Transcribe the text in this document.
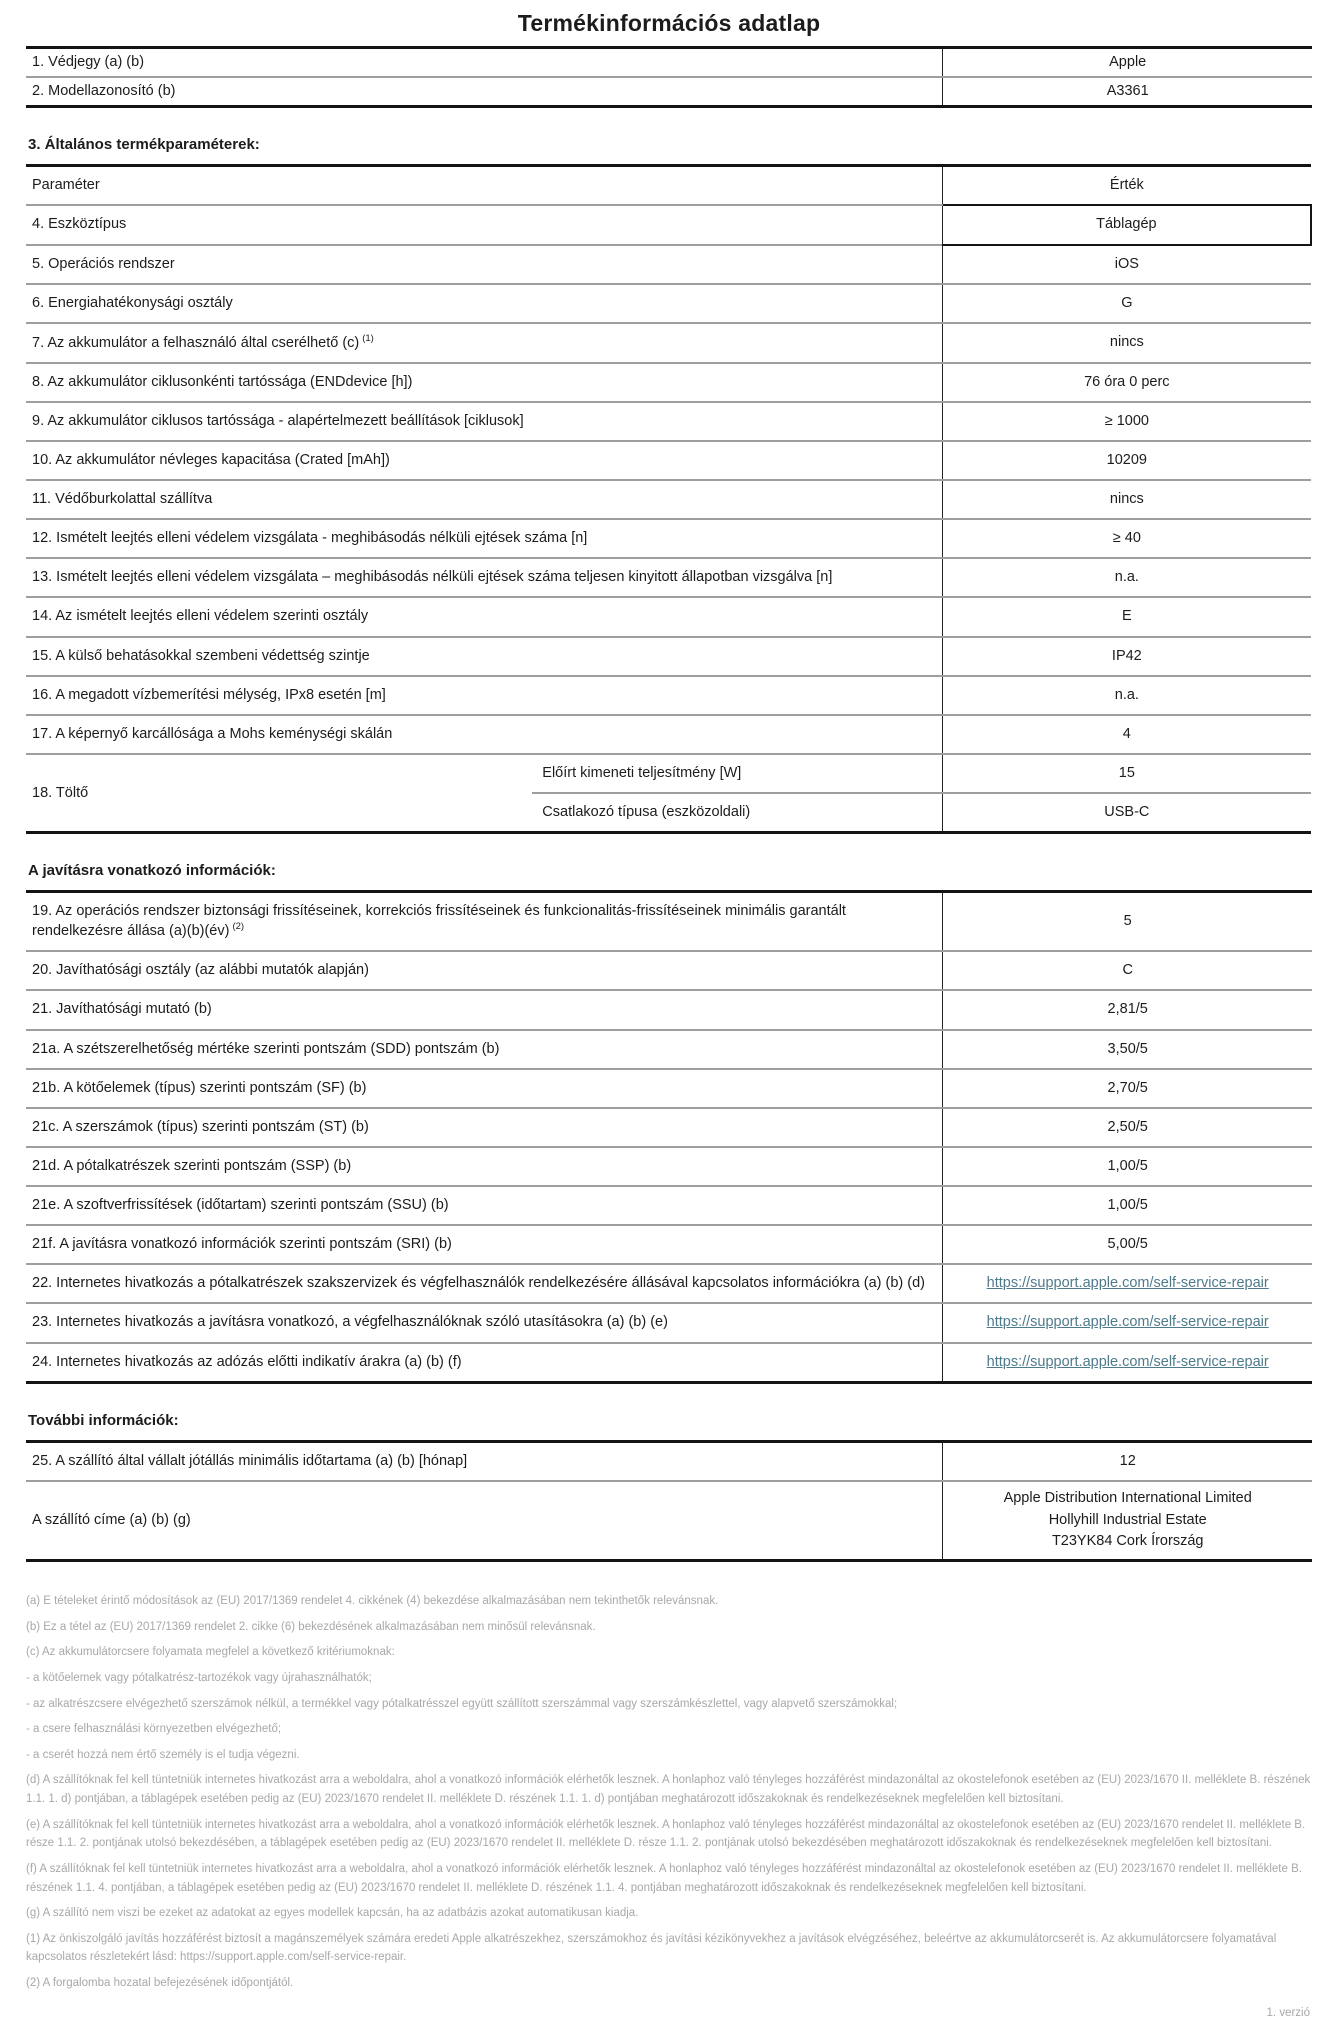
Termékinformációs adatlap
1. Védjegy (a) (b)	Apple
2. Modellazonosító (b)	A3361
3. Általános termékparaméterek:
Paraméter		Érték
4. Eszköztípus		Táblagép
5. Operációs rendszer		iOS
6. Energiahatékonysági osztály		G
7. Az akkumulátor a felhasználó által cserélhető (c) $^{(1)}$		nincs
8. Az akkumulátor ciklusonkénti tartóssága (ENDdevice [h])		76 óra 0 perc
9. Az akkumulátor ciklusos tartóssága - alapértelmezett beállítások [ciklusok]		≥ 1000
10. Az akkumulátor névleges kapacitása (Crated [mAh])		10209
11. Védőburkolattal szállítva		nincs
12. Ismételt leejtés elleni védelem vizsgálata - meghibásodás nélküli ejtések száma [n]		≥ 40
13. Ismételt leejtés elleni védelem vizsgálata – meghibásodás nélküli ejtések száma teljesen kinyitott állapotban vizsgálva [n]		n.a.
14. Az ismételt leejtés elleni védelem szerinti osztály		E
15. A külső behatásokkal szembeni védettség szintje		IP42
16. A megadott vízbemerítési mélység, IPx8 esetén [m]		n.a.
17. A képernyő karcállósága a Mohs keménységi skálán		4
18. Töltő	Előírt kimeneti teljesítmény [W]	15
	Csatlakozó típusa (eszközoldali)	USB-C
A javításra vonatkozó információk:
19. Az operációs rendszer biztonsági frissítéseinek, korrekciós frissítéseinek és funkcionalitás-frissítéseinek minimális garantált rendelkezésre állása (a)(b)(év) $^{(2)}$	5
20. Javíthatósági osztály (az alábbi mutatók alapján)	C
21. Javíthatósági mutató (b)	2,81/5
21a. A szétszerelhetőség mértéke szerinti pontszám (SDD) pontszám (b)	3,50/5
21b. A kötőelemek (típus) szerinti pontszám (SF) (b)	2,70/5
21c. A szerszámok (típus) szerinti pontszám (ST) (b)	2,50/5
21d. A pótalkatrészek szerinti pontszám (SSP) (b)	1,00/5
21e. A szoftverfrissítések (időtartam) szerinti pontszám (SSU) (b)	1,00/5
21f. A javításra vonatkozó információk szerinti pontszám (SRI) (b)	5,00/5
22. Internetes hivatkozás a pótalkatrészek szakszervizek és végfelhasználók rendelkezésére állásával kapcsolatos információkra (a) (b) (d)	https://support.apple.com/self-service-repair
23. Internetes hivatkozás a javításra vonatkozó, a végfelhasználóknak szóló utasításokra (a) (b) (e)	https://support.apple.com/self-service-repair
24. Internetes hivatkozás az adózás előtti indikatív árakra (a) (b) (f)	https://support.apple.com/self-service-repair
További információk:
25. A szállító által vállalt jótállás minimális időtartama (a) (b) [hónap]	12
A szállító címe (a) (b) (g)	Apple Distribution International Limited
Hollyhill Industrial Estate
T23YK84 Cork Írország

(a) E tételeket érintő módosítások az (EU) 2017/1369 rendelet 4. cikkének (4) bekezdése alkalmazásában nem tekinthetők relevánsnak.

(b) Ez a tétel az (EU) 2017/1369 rendelet 2. cikke (6) bekezdésének alkalmazásában nem minősül relevánsnak.

(c) Az akkumulátorcsere folyamata megfelel a következő kritériumoknak:

- a kötőelemek vagy pótalkatrész-tartozékok vagy újrahasználhatók;

- az alkatrészcsere elvégezhető szerszámok nélkül, a termékkel vagy pótalkatrésszel együtt szállított szerszámmal vagy szerszámkészlettel, vagy alapvető szerszámokkal;

- a csere felhasználási környezetben elvégezhető;

- a cserét hozzá nem értő személy is el tudja végezni.

(d) A szállítóknak fel kell tüntetniük internetes hivatkozást arra a weboldalra, ahol a vonatkozó információk elérhetők lesznek. A honlaphoz való tényleges hozzáférést mindazonáltal az okostelefonok esetében az (EU) 2023/1670 II. melléklete B. részének 1.1. 1. d) pontjában, a táblagépek esetében pedig az (EU) 2023/1670 rendelet II. melléklete D. részének 1.1. 1. d) pontjában meghatározott időszakoknak és rendelkezéseknek megfelelően kell biztosítani.

(e) A szállítóknak fel kell tüntetniük internetes hivatkozást arra a weboldalra, ahol a vonatkozó információk elérhetők lesznek. A honlaphoz való tényleges hozzáférést mindazonáltal az okostelefonok esetében az (EU) 2023/1670 rendelet II. melléklete B. része 1.1. 2. pontjának utolsó bekezdésében, a táblagépek esetében pedig az (EU) 2023/1670 rendelet II. melléklete D. része 1.1. 2. pontjának utolsó bekezdésében meghatározott időszakoknak és rendelkezéseknek megfelelően kell biztosítani.

(f) A szállítóknak fel kell tüntetniük internetes hivatkozást arra a weboldalra, ahol a vonatkozó információk elérhetők lesznek. A honlaphoz való tényleges hozzáférést mindazonáltal az okostelefonok esetében az (EU) 2023/1670 rendelet II. melléklete B. részének 1.1. 4. pontjában, a táblagépek esetében pedig az (EU) 2023/1670 rendelet II. melléklete D. részének 1.1. 4. pontjában meghatározott időszakoknak és rendelkezéseknek megfelelően kell biztosítani.

(g) A szállító nem viszi be ezeket az adatokat az egyes modellek kapcsán, ha az adatbázis azokat automatikusan kiadja.

(1) Az önkiszolgáló javítás hozzáférést biztosít a magánszemélyek számára eredeti Apple alkatrészekhez, szerszámokhoz és javítási kézikönyvekhez a javítások elvégzéséhez, beleértve az akkumulátorcserét is. Az akkumulátorcsere folyamatával kapcsolatos részletekért lásd: https://support.apple.com/self-service-repair.

(2) A forgalomba hozatal befejezésének időpontjától.

1. verzió
